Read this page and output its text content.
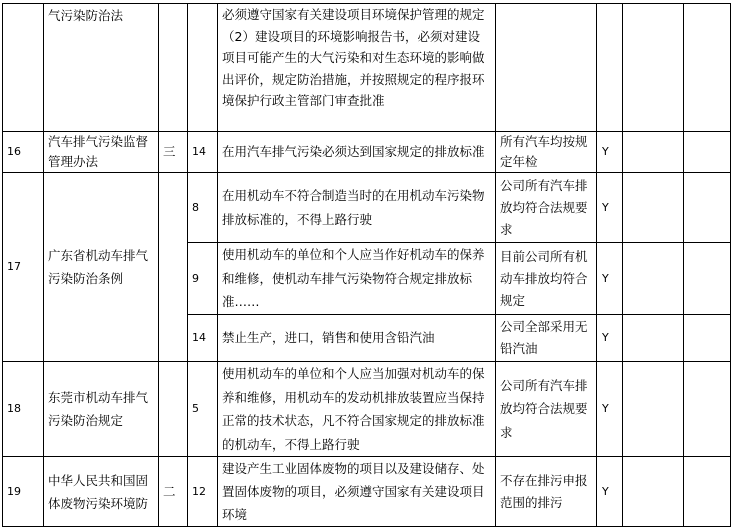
	气污染防治法			必须遵守国家有关建设项目环境保护管理的规定（2）建设项目的环境影响报告书，必须对建设项目可能产生的大气污染和对生态环境的影响做出评价，规定防治措施，并按照规定的程序报环境保护行政主管部门审查批准				
16	汽车排气污染监督管理办法	三	14	在用汽车排气污染必须达到国家规定的排放标准	所有汽车均按规定年检	Y		
17	广东省机动车排气污染防治条例		8	在用机动车不符合制造当时的在用机动车污染物排放标准的，不得上路行驶	公司所有汽车排放均符合法规要求	Y		
			9	使用机动车的单位和个人应当作好机动车的保养和维修，使机动车排气污染物符合规定排放标准……	目前公司所有机动车排放均符合规定	Y		
			14	禁止生产，进口，销售和使用含铅汽油	公司全部采用无铅汽油	Y		
18	东莞市机动车排气污染防治规定		5	使用机动车的单位和个人应当加强对机动车的保养和维修，用机动车的发动机排放装置应当保持正常的技术状态，凡不符合国家规定的排放标准的机动车，不得上路行驶	公司所有汽车排放均符合法规要求	Y		
19	中华人民共和国固体废物污染环境防	二	12	建设产生工业固体废物的项目以及建设储存、处置固体废物的项目，必须遵守国家有关建设项目环境	不存在排污申报范围的排污	Y		
